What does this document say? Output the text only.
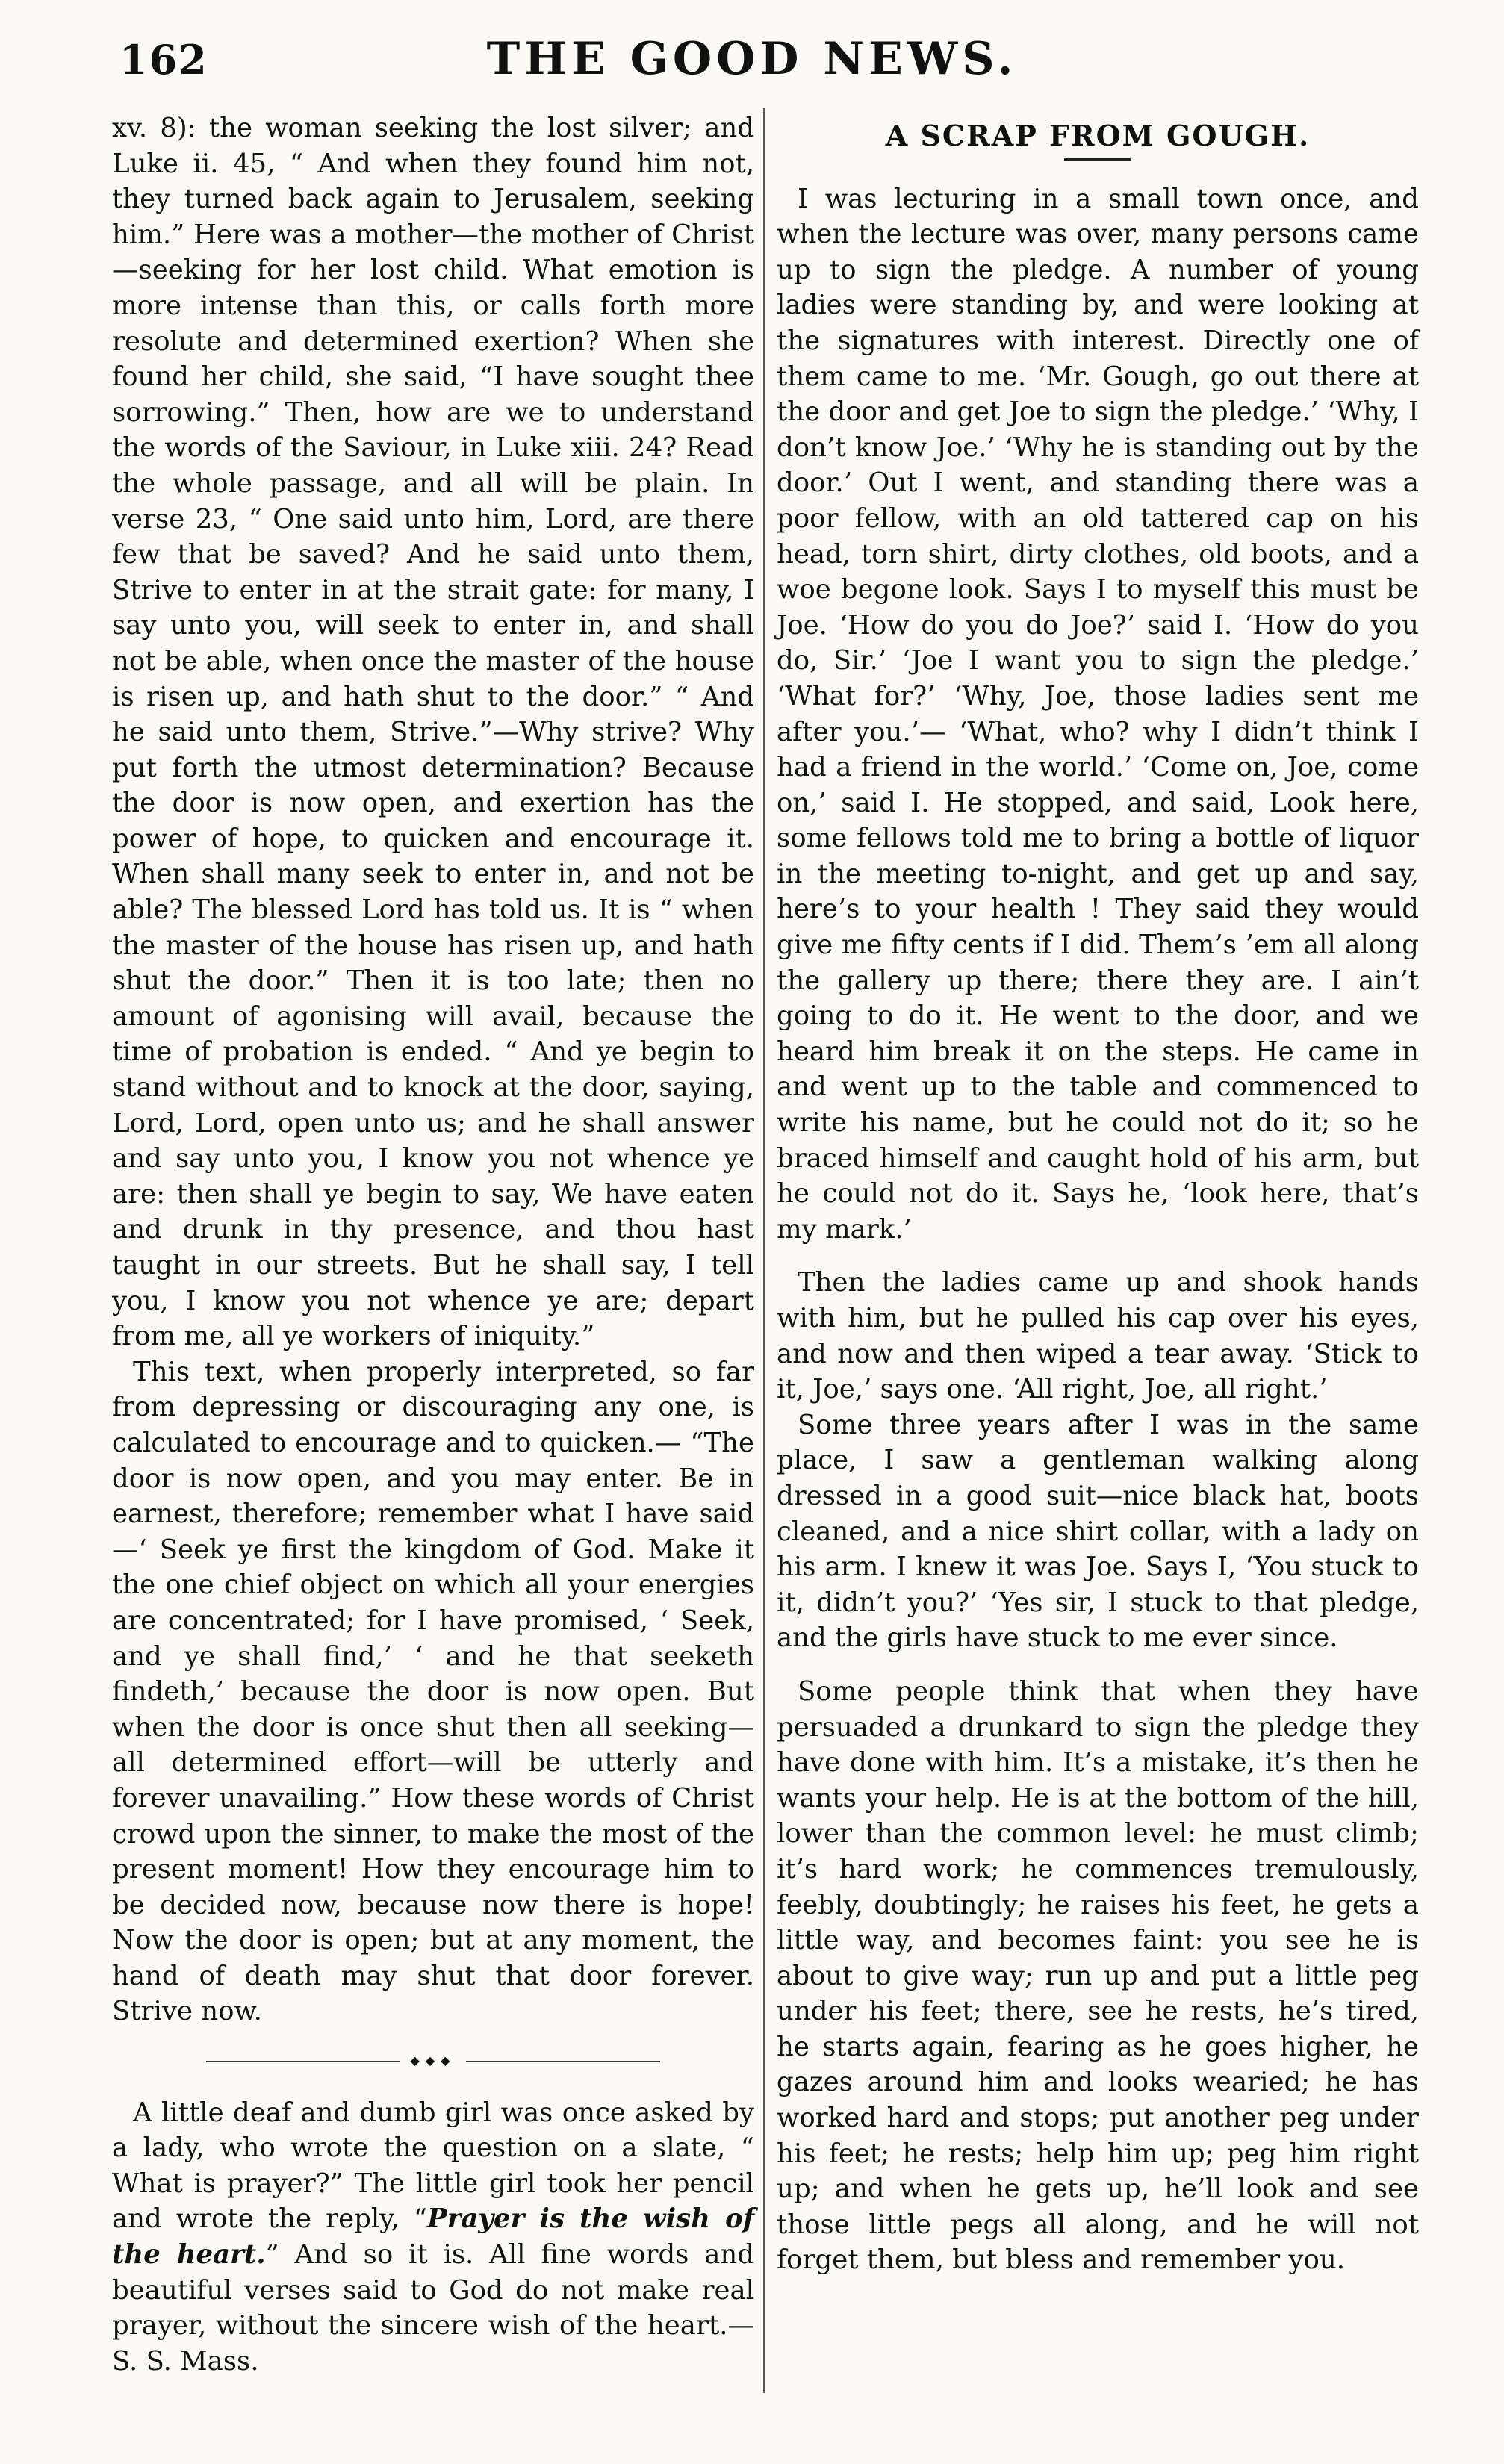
162	THE GOOD NEWS.

xv. 8): the woman seeking the lost silver; and Luke ii. 45, “ And when they found him not, they turned back again to Jerusalem, seeking him.” Here was a mother—the mother of Christ—seeking for her lost child. What emotion is more intense than this, or calls forth more resolute and determined exertion? When she found her child, she said, “I have sought thee sorrowing.” Then, how are we to understand the words of the Saviour, in Luke xiii. 24? Read the whole passage, and all will be plain. In verse 23, “ One said unto him, Lord, are there few that be saved? And he said unto them, Strive to enter in at the strait gate: for many, I say unto you, will seek to enter in, and shall not be able, when once the master of the house is risen up, and hath shut to the door.” “ And he said unto them, Strive.”—Why strive? Why put forth the utmost determination? Because the door is now open, and exertion has the power of hope, to quicken and encourage it. When shall many seek to enter in, and not be able? The blessed Lord has told us. It is “ when the master of the house has risen up, and hath shut the door.” Then it is too late; then no amount of agonising will avail, because the time of probation is ended. “ And ye begin to stand without and to knock at the door, saying, Lord, Lord, open unto us; and he shall answer and say unto you, I know you not whence ye are: then shall ye begin to say, We have eaten and drunk in thy presence, and thou hast taught in our streets. But he shall say, I tell you, I know you not whence ye are; depart from me, all ye workers of iniquity.”

This text, when properly interpreted, so far from depressing or discouraging any one, is calculated to encourage and to quicken.— “The door is now open, and you may enter. Be in earnest, therefore; remember what I have said—‘ Seek ye first the kingdom of God. Make it the one chief object on which all your energies are concentrated; for I have promised, ‘ Seek, and ye shall find,’ ‘ and he that seeketh findeth,’ because the door is now open. But when the door is once shut then all seeking—all determined effort—will be utterly and forever unavailing.” How these words of Christ crowd upon the sinner, to make the most of the present moment! How they encourage him to be decided now, because now there is hope! Now the door is open; but at any moment, the hand of death may shut that door forever. Strive now.

◆◆◆

A little deaf and dumb girl was once asked by a lady, who wrote the question on a slate, “ What is prayer?” The little girl took her pencil and wrote the reply, “Prayer is the wish of the heart.” And so it is. All fine words and beautiful verses said to God do not make real prayer, without the sincere wish of the heart.—S. S. Mass.

A SCRAP FROM GOUGH.

I was lecturing in a small town once, and when the lecture was over, many persons came up to sign the pledge. A number of young ladies were standing by, and were looking at the signatures with interest. Directly one of them came to me. ‘Mr. Gough, go out there at the door and get Joe to sign the pledge.’ ‘Why, I don’t know Joe.’ ‘Why he is standing out by the door.’ Out I went, and standing there was a poor fellow, with an old tattered cap on his head, torn shirt, dirty clothes, old boots, and a woe begone look. Says I to myself this must be Joe. ‘How do you do Joe?’ said I. ‘How do you do, Sir.’ ‘Joe I want you to sign the pledge.’ ‘What for?’ ‘Why, Joe, those ladies sent me after you.’— ‘What, who? why I didn’t think I had a friend in the world.’ ‘Come on, Joe, come on,’ said I. He stopped, and said, Look here, some fellows told me to bring a bottle of liquor in the meeting to-night, and get up and say, here’s to your health ! They said they would give me fifty cents if I did. Them’s ’em all along the gallery up there; there they are. I ain’t going to do it. He went to the door, and we heard him break it on the steps. He came in and went up to the table and commenced to write his name, but he could not do it; so he braced himself and caught hold of his arm, but he could not do it. Says he, ‘look here, that’s my mark.’

Then the ladies came up and shook hands with him, but he pulled his cap over his eyes, and now and then wiped a tear away. ‘Stick to it, Joe,’ says one. ‘All right, Joe, all right.’

Some three years after I was in the same place, I saw a gentleman walking along dressed in a good suit—nice black hat, boots cleaned, and a nice shirt collar, with a lady on his arm. I knew it was Joe. Says I, ‘You stuck to it, didn’t you?’ ‘Yes sir, I stuck to that pledge, and the girls have stuck to me ever since.

Some people think that when they have persuaded a drunkard to sign the pledge they have done with him. It’s a mistake, it’s then he wants your help. He is at the bottom of the hill, lower than the common level: he must climb; it’s hard work; he commences tremulously, feebly, doubtingly; he raises his feet, he gets a little way, and becomes faint: you see he is about to give way; run up and put a little peg under his feet; there, see he rests, he’s tired, he starts again, fearing as he goes higher, he gazes around him and looks wearied; he has worked hard and stops; put another peg under his feet; he rests; help him up; peg him right up; and when he gets up, he’ll look and see those little pegs all along, and he will not forget them, but bless and remember you.
